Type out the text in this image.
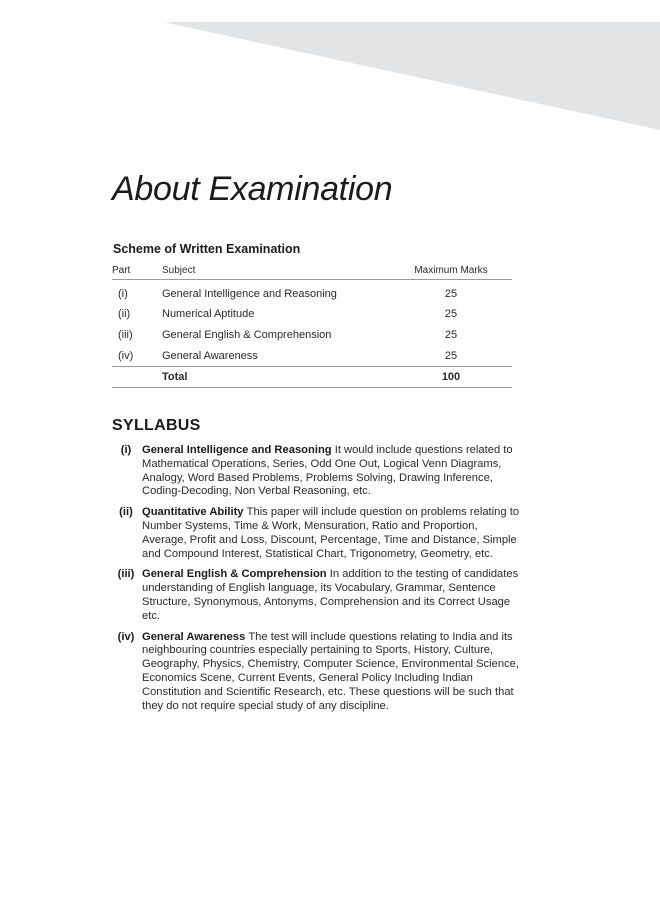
About Examination
Scheme of Written Examination
Part	Subject	Maximum Marks
(i)	General Intelligence and Reasoning	25
(ii)	Numerical Aptitude	25
(iii)	General English & Comprehension	25
(iv)	General Awareness	25
	Total	100
SYLLABUS
(i) General Intelligence and Reasoning It would include questions related to Mathematical Operations, Series, Odd One Out, Logical Venn Diagrams, Analogy, Word Based Problems, Problems Solving, Drawing Inference, Coding-Decoding, Non Verbal Reasoning, etc.
(ii) Quantitative Ability This paper will include question on problems relating to Number Systems, Time & Work, Mensuration, Ratio and Proportion, Average, Profit and Loss, Discount, Percentage, Time and Distance, Simple and Compound Interest, Statistical Chart, Trigonometry, Geometry, etc.
(iii) General English & Comprehension In addition to the testing of candidates understanding of English language, its Vocabulary, Grammar, Sentence Structure, Synonymous, Antonyms, Comprehension and its Correct Usage etc.
(iv) General Awareness The test will include questions relating to India and its neighbouring countries especially pertaining to Sports, History, Culture, Geography, Physics, Chemistry, Computer Science, Environmental Science, Economics Scene, Current Events, General Policy Including Indian Constitution and Scientific Research, etc. These questions will be such that they do not require special study of any discipline.
